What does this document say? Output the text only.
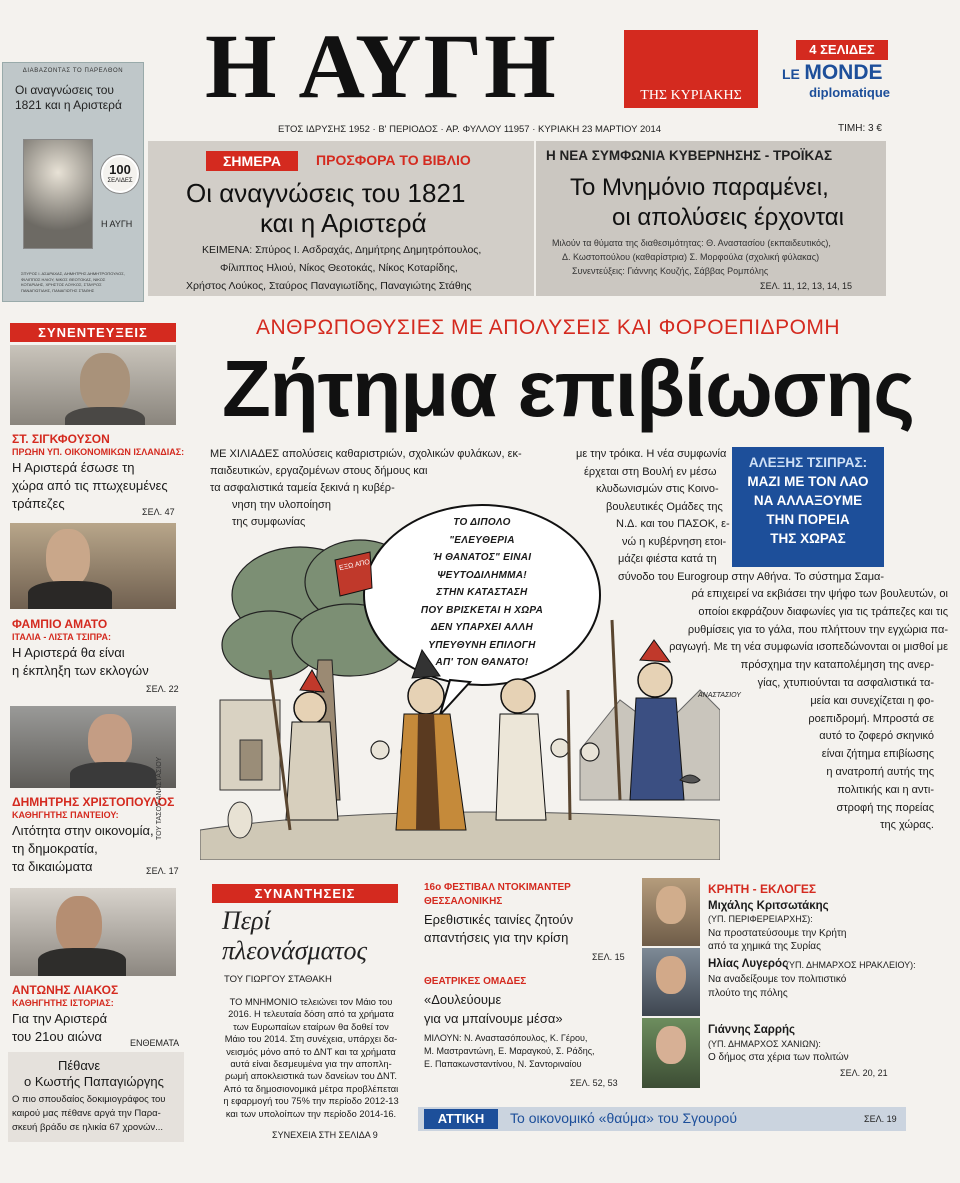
Η ΑΥΓΗ	ΤΗΣ ΚΥΡΙΑΚΗΣ
4 ΣΕΛΙΔΕΣ
LE MONDE
diplomatique
ΕΤΟΣ ΙΔΡΥΣΗΣ 1952 · Β' ΠΕΡΙΟΔΟΣ · ΑΡ. ΦΥΛΛΟΥ 11957 · ΚΥΡΙΑΚΗ 23 ΜΑΡΤΙΟΥ 2014	ΤΙΜΗ: 3 €
ΔΙΑΒΑΖΟΝΤΑΣ ΤΟ ΠΑΡΕΛΘΟΝ
Οι αναγνώσεις του 1821 και η Αριστερά
100
ΣΕΛΙΔΕΣ
Η ΑΥΓΗ
ΣΠΥΡΟΣ Ι. ΑΣΔΡΑΧΑΣ, ΔΗΜΗΤΡΗΣ ΔΗΜΗΤΡΟΠΟΥΛΟΣ, ΦΙΛΙΠΠΟΣ ΗΛΙΟΥ, ΝΙΚΟΣ ΘΕΟΤΟΚΑΣ, ΝΙΚΟΣ ΚΟΤΑΡΙΔΗΣ, ΧΡΗΣΤΟΣ ΛΟΥΚΟΣ, ΣΤΑΥΡΟΣ ΠΑΝΑΓΙΩΤΙΔΗΣ, ΠΑΝΑΓΙΩΤΗΣ ΣΤΑΘΗΣ
ΣΗΜΕΡΑ	ΠΡΟΣΦΟΡΑ ΤΟ ΒΙΒΛΙΟ
Οι αναγνώσεις του 1821
και η Αριστερά
ΚΕΙΜΕΝΑ: Σπύρος Ι. Ασδραχάς, Δημήτρης Δημητρόπουλος,
Φίλιππος Ηλιού, Νίκος Θεοτοκάς, Νίκος Κοταρίδης,
Χρήστος Λούκος, Σταύρος Παναγιωτίδης, Παναγιώτης Στάθης
Η ΝΕΑ ΣΥΜΦΩΝΙΑ ΚΥΒΕΡΝΗΣΗΣ - ΤΡΟΪΚΑΣ
Το Μνημόνιο παραμένει,
οι απολύσεις έρχονται
Μιλούν τα θύματα της διαθεσιμότητας: Θ. Αναστασίου (εκπαιδευτικός),
Δ. Κωστοπούλου (καθαρίστρια) Σ. Μορφούλα (σχολική φύλακας)
Συνεντεύξεις: Γιάννης Κουζής, Σάββας Ρομπόλης
ΣΕΛ. 11, 12, 13, 14, 15
ΣΥΝΕΝΤΕΥΞΕΙΣ
ΣΤ. ΣΙΓΚΦΟΥΣΟΝ
ΠΡΩΗΝ ΥΠ. ΟΙΚΟΝΟΜΙΚΩΝ ΙΣΛΑΝΔΙΑΣ:
Η Αριστερά έσωσε τη
χώρα από τις πτωχευμένες
τράπεζες
ΣΕΛ. 47
ΦΑΜΠΙΟ ΑΜΑΤΟ
ΙΤΑΛΙΑ - ΛΙΣΤΑ ΤΣΙΠΡΑ:
Η Αριστερά θα είναι
η έκπληξη των εκλογών
ΣΕΛ. 22
ΔΗΜΗΤΡΗΣ ΧΡΙΣΤΟΠΟΥΛΟΣ
ΚΑΘΗΓΗΤΗΣ ΠΑΝΤΕΙΟΥ:
Λιτότητα στην οικονομία,
τη δημοκρατία,
τα δικαιώματα	ΣΕΛ. 17
ΑΝΤΩΝΗΣ ΛΙΑΚΟΣ
ΚΑΘΗΓΗΤΗΣ ΙΣΤΟΡΙΑΣ:
Για την Αριστερά
του 21ου αιώνα	ΕΝΘΕΜΑΤΑ
Πέθανε
ο Κωστής Παπαγιώργης
Ο πιο σπουδαίος δοκιμιογράφος του
καιρού μας πέθανε αργά την Παρα-
σκευή βράδυ σε ηλικία 67 χρονών...
ΑΝΘΡΩΠΟΘΥΣΙΕΣ ΜΕ ΑΠΟΛΥΣΕΙΣ ΚΑΙ ΦΟΡΟΕΠΙΔΡΟΜΗ
Ζήτημα επιβίωσης

ΜΕ ΧΙΛΙΑΔΕΣ απολύσεις καθαριστριών, σχολικών φυλάκων, εκ-

παιδευτικών, εργαζομένων στους δήμους και

τα ασφαλιστικά ταμεία ξεκινά η κυβέρ-

νηση την υλοποίηση

της συμφωνίας

με την τρόικα. Η νέα συμφωνία

έρχεται στη Βουλή εν μέσω

κλυδωνισμών στις Κοινο-

βουλευτικές Ομάδες της

Ν.Δ. και του ΠΑΣΟΚ, ε-

νώ η κυβέρνηση ετοι-

μάζει φιέστα κατά τη

σύνοδο του Eurogroup στην Αθήνα. Το σύστημα Σαμα-

ρά επιχειρεί να εκβιάσει την ψήφο των βουλευτών, οι

οποίοι εκφράζουν διαφωνίες για τις τράπεζες και τις

ρυθμίσεις για το γάλα, που πλήττουν την εγχώρια πα-

ραγωγή. Με τη νέα συμφωνία ισοπεδώνονται οι μισθοί με

πρόσχημα την καταπολέμηση της ανερ-

γίας, χτυπιούνται τα ασφαλιστικά τα-

μεία και συνεχίζεται η φο-

ροεπιδρομή. Μπροστά σε

αυτό το ζοφερό σκηνικό

είναι ζήτημα επιβίωσης

η ανατροπή αυτής της

πολιτικής και η αντι-

στροφή της πορείας

της χώρας.

ΑΛΕΞΗΣ ΤΣΙΠΡΑΣ:
ΜΑΖΙ ΜΕ ΤΟΝ ΛΑΟ
ΝΑ ΑΛΛΑΞΟΥΜΕ
ΤΗΝ ΠΟΡΕΙΑ
ΤΗΣ ΧΩΡΑΣ
ΤΟ ΔΙΠΟΛΟ
"ΕΛΕΥΘΕΡΙΑ
Ή ΘΑΝΑΤΟΣ" ΕΙΝΑΙ
ΨΕΥΤΟΔΙΛΗΜΜΑ!
ΣΤΗΝ ΚΑΤΑΣΤΑΣΗ
ΠΟΥ ΒΡΙΣΚΕΤΑΙ Η ΧΩΡΑ
ΔΕΝ ΥΠΑΡΧΕΙ ΑΛΛΗ
ΥΠΕΥΘΥΝΗ ΕΠΙΛΟΓΗ
ΑΠ' ΤΟΝ ΘΑΝΑΤΟ!
ΕΞΩ ΑΠΟ
ΤΟΥ ΤΑΣΟΥ ΑΝΑΣΤΑΣΙΟΥ
ΑΝΑΣΤΑΣΙΟΥ
ΣΥΝΑΝΤΗΣΕΙΣ
Περί
πλεονάσματος
ΤΟΥ ΓΙΩΡΓΟΥ ΣΤΑΘΑΚΗ

ΤΟ ΜΝΗΜΟΝΙΟ τελειώνει τον Μάιο του

2016. Η τελευταία δόση από τα χρήματα

των Ευρωπαίων εταίρων θα δοθεί τον

Μάιο του 2014. Στη συνέχεια, υπάρχει δα-

νεισμός μόνο από το ΔΝΤ και τα χρήματα

αυτά είναι δεσμευμένα για την αποπλη-

ρωμή αποκλειστικά των δανείων του ΔΝΤ.

Από τα δημοσιονομικά μέτρα προβλέπεται

η εφαρμογή του 75% την περίοδο 2012-13

και των υπολοίπων την περίοδο 2014-16.

ΣΥΝΕΧΕΙΑ ΣΤΗ ΣΕΛΙΔΑ 9
16ο ΦΕΣΤΙΒΑΛ ΝΤΟΚΙΜΑΝΤΕΡ
ΘΕΣΣΑΛΟΝΙΚΗΣ
Ερεθιστικές ταινίες ζητούν
απαντήσεις για την κρίση
ΣΕΛ. 15
ΘΕΑΤΡΙΚΕΣ ΟΜΑΔΕΣ
«Δουλεύουμε
για να μπαίνουμε μέσα»
ΜΙΛΟΥΝ: Ν. Αναστασόπουλος, Κ. Γέρου,
Μ. Μαστραντώνη, Ε. Μαραγκού, Σ. Ράδης,
Ε. Παπακωνσταντίνου, Ν. Σαντοριναίου
ΣΕΛ. 52, 53
ΚΡΗΤΗ - ΕΚΛΟΓΕΣ
Μιχάλης Κριτσωτάκης
(ΥΠ. ΠΕΡΙΦΕΡΕΙΑΡΧΗΣ):
Να προστατεύσουμε την Κρήτη
από τα χημικά της Συρίας
Ηλίας Λυγερός
(ΥΠ. ΔΗΜΑΡΧΟΣ ΗΡΑΚΛΕΙΟΥ):
Να αναδείξουμε τον πολιτιστικό
πλούτο της πόλης
Γιάννης Σαρρής
(ΥΠ. ΔΗΜΑΡΧΟΣ ΧΑΝΙΩΝ):
Ο δήμος στα χέρια των πολιτών
ΣΕΛ. 20, 21
ΑΤΤΙΚΗ	Το οικονομικό «θαύμα» του Σγουρού	ΣΕΛ. 19
